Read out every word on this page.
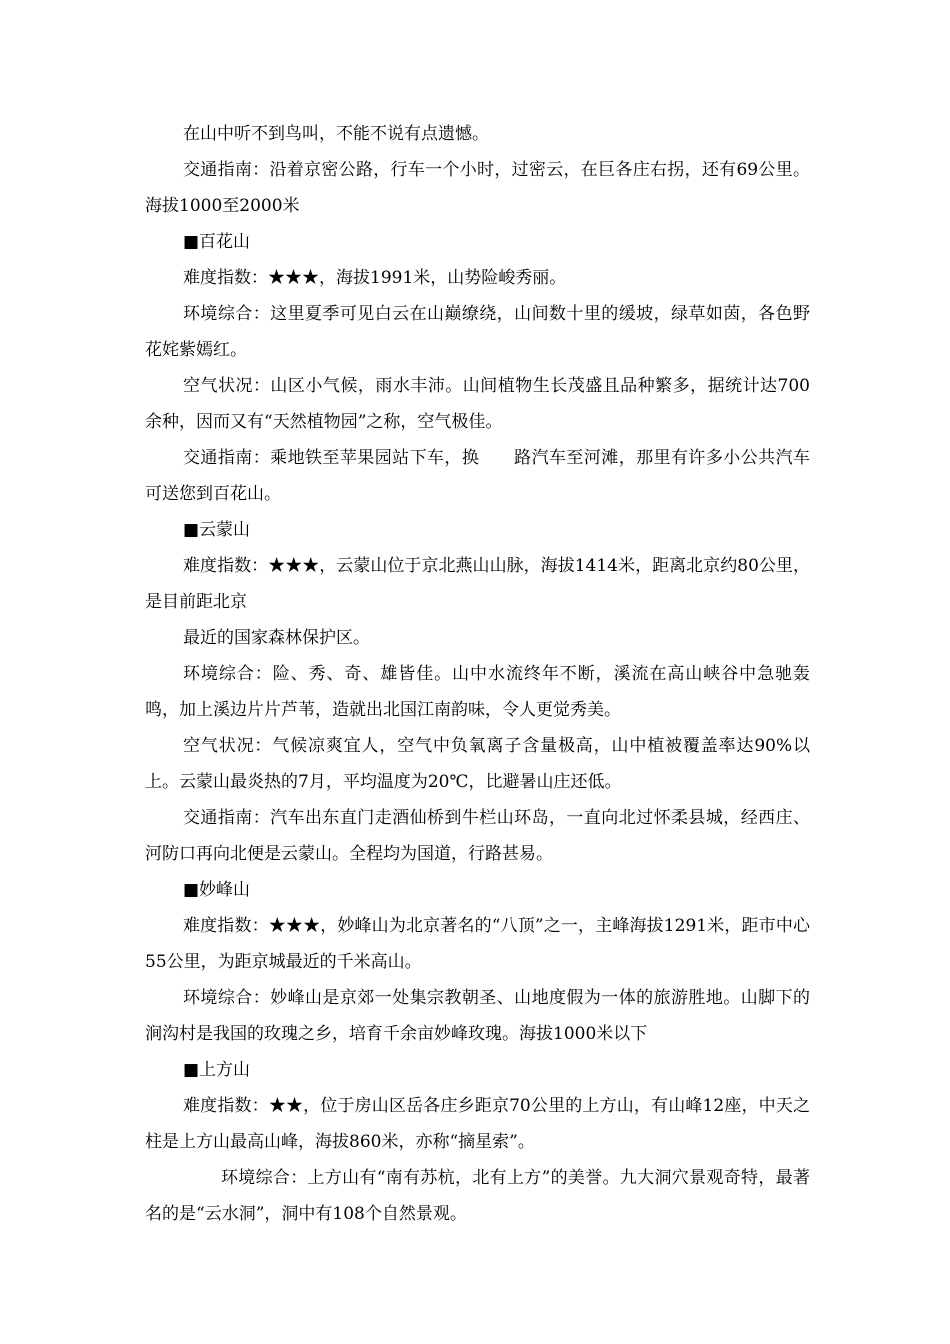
在山中听不到鸟叫，不能不说有点遗憾。

交通指南：沿着京密公路，行车一个小时，过密云，在巨各庄右拐，还有69公里。海拔1000至2000米

■百花山

难度指数：★★★，海拔1991米，山势险峻秀丽。

环境综合：这里夏季可见白云在山巅缭绕，山间数十里的缓坡，绿草如茵，各色野花姹紫嫣红。

空气状况：山区小气候，雨水丰沛。山间植物生长茂盛且品种繁多，据统计达700余种，因而又有“天然植物园”之称，空气极佳。

交通指南：乘地铁至苹果园站下车，换　　路汽车至河滩，那里有许多小公共汽车可送您到百花山。

■云蒙山

难度指数：★★★，云蒙山位于京北燕山山脉，海拔1414米，距离北京约80公里，是目前距北京

最近的国家森林保护区。

环境综合：险、秀、奇、雄皆佳。山中水流终年不断，溪流在高山峡谷中急驰轰鸣，加上溪边片片芦苇，造就出北国江南韵味，令人更觉秀美。

空气状况：气候凉爽宜人，空气中负氧离子含量极高，山中植被覆盖率达90%以上。云蒙山最炎热的7月，平均温度为20℃，比避暑山庄还低。

交通指南：汽车出东直门走酒仙桥到牛栏山环岛，一直向北过怀柔县城，经西庄、河防口再向北便是云蒙山。全程均为国道，行路甚易。

■妙峰山

难度指数：★★★，妙峰山为北京著名的“八顶”之一，主峰海拔1291米，距市中心55公里，为距京城最近的千米高山。

环境综合：妙峰山是京郊一处集宗教朝圣、山地度假为一体的旅游胜地。山脚下的涧沟村是我国的玫瑰之乡，培育千余亩妙峰玫瑰。海拔1000米以下

■上方山

难度指数：★★，位于房山区岳各庄乡距京70公里的上方山，有山峰12座，中天之柱是上方山最高山峰，海拔860米，亦称“摘星索”。

环境综合：上方山有“南有苏杭，北有上方”的美誉。九大洞穴景观奇特，最著名的是“云水洞”，洞中有108个自然景观。
